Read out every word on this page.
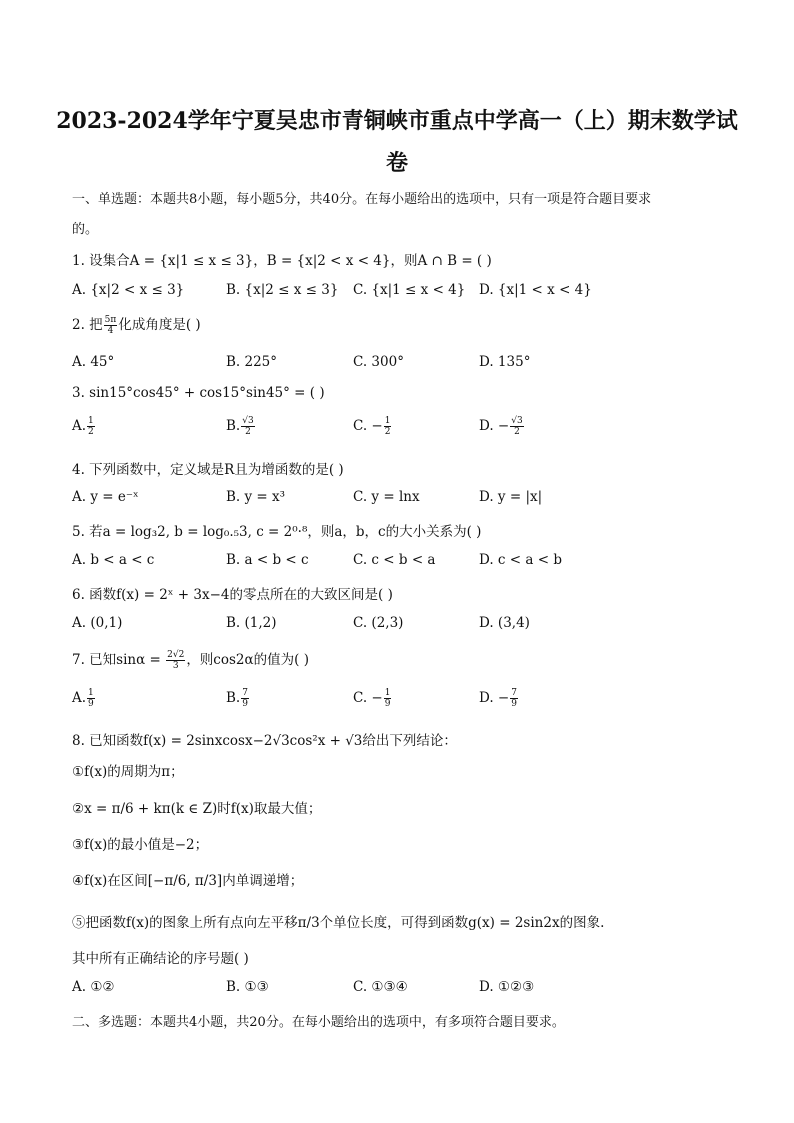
2023-2024学年宁夏吴忠市青铜峡市重点中学高一（上）期末数学试
卷
一、单选题：本题共8小题，每小题5分，共40分。在每小题给出的选项中，只有一项是符合题目要求
的。
1. 设集合A = {x|1 ≤ x ≤ 3}，B = {x|2 < x < 4}，则A ∩ B = ( )
A. {x|2 < x ≤ 3}	B. {x|2 ≤ x ≤ 3} C. {x|1 ≤ x < 4} D. {x|1 < x < 4}
2. 把 $\frac{5\pi}{4}$ 化成角度是( )
A. 45°	B. 225°	C. 300°	D. 135°
3. sin15°cos45° + cos15°sin45° = ( )
A. $\frac{1}{2}$	B. $\frac{√3}{2}$	C. − $\frac{1}{2}$	D. − $\frac{√3}{2}$
4. 下列函数中，定义域是R且为增函数的是( )
A. y = e⁻ˣ	B. y = x³	C. y = lnx	D. y = |x|
5. 若a = log₃2, b = log₀.₅3, c = 2⁰·⁸，则a，b，c的大小关系为( )
A. b < a < c	B. a < b < c	C. c < b < a	D. c < a < b
6. 函数f(x) = 2ˣ + 3x−4的零点所在的大致区间是( )
A. (0,1)	B. (1,2)	C. (2,3)	D. (3,4)
7. 已知$\sin\alpha = \frac{2√2}{3}$ ，则cos2α的值为( )
A. $\frac{1}{9}$	B. $\frac{7}{9}$	C. − $\frac{1}{9}$	D. − $\frac{7}{9}$
8. 已知函数f(x) = 2sinxcosx−2√3cos²x + √3给出下列结论：
①f(x)的周期为π；
②x = π/6 + kπ(k ∈ Z)时f(x)取最大值；
③f(x)的最小值是−2；
④f(x)在区间[−π/6, π/3]内单调递增；
⑤把函数f(x)的图象上所有点向左平移π/3个单位长度，可得到函数g(x) = 2sin2x的图象.
其中所有正确结论的序号题( )
A. ①②	B. ①③	C. ①③④	D. ①②③
二、多选题：本题共4小题，共20分。在每小题给出的选项中，有多项符合题目要求。
